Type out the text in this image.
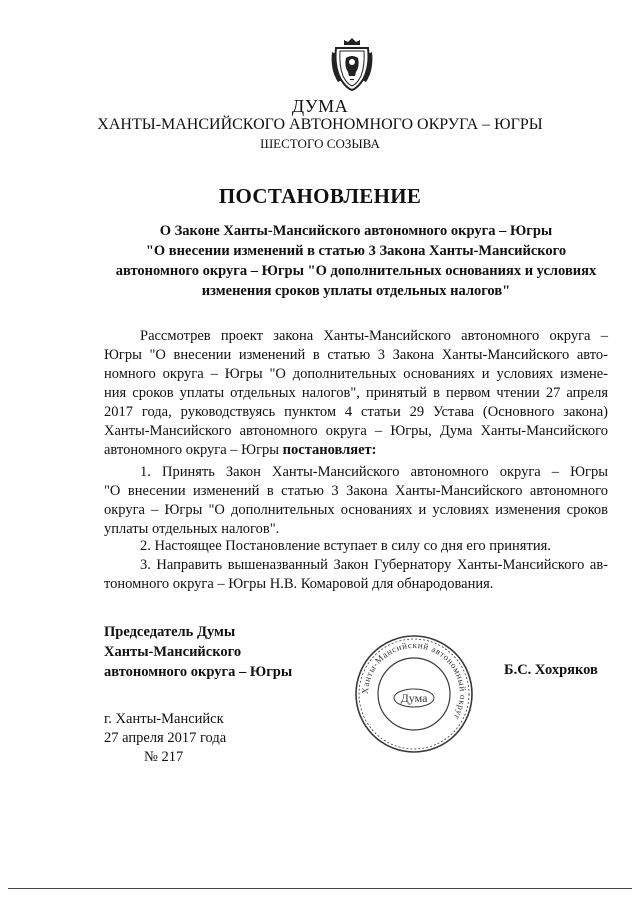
ДУМА
ХАНТЫ-МАНСИЙСКОГО АВТОНОМНОГО ОКРУГА – ЮГРЫ
ШЕСТОГО СОЗЫВА
ПОСТАНОВЛЕНИЕ
О Законе Ханты-Мансийского автономного округа – Югры
"О внесении изменений в статью 3 Закона Ханты-Мансийского
автономного округа – Югры "О дополнительных основаниях и условиях
изменения сроков уплаты отдельных налогов"
Рассмотрев проект закона Ханты-Мансийского автономного округа –
Югры "О внесении изменений в статью 3 Закона Ханты-Мансийского авто-
номного округа – Югры "О дополнительных основаниях и условиях измене-
ния сроков уплаты отдельных налогов", принятый в первом чтении 27 апреля
2017 года, руководствуясь пунктом 4 статьи 29 Устава (Основного закона)
Ханты-Мансийского автономного округа – Югры, Дума Ханты-Мансийского
автономного округа – Югры постановляет:
1. Принять Закон Ханты-Мансийского автономного округа – Югры
"О внесении изменений в статью 3 Закона Ханты-Мансийского автономного
округа – Югры "О дополнительных основаниях и условиях изменения сроков
уплаты отдельных налогов".
2. Настоящее Постановление вступает в силу со дня его принятия.
3. Направить вышеназванный Закон Губернатору Ханты-Мансийского ав-
тономного округа – Югры Н.В. Комаровой для обнародования.
Председатель Думы
Ханты-Мансийского
автономного округа – Югры
Ханты-Мансийский автономный округ
Дума
Б.С. Хохряков
г. Ханты-Мансийск
27 апреля 2017 года
№ 217
